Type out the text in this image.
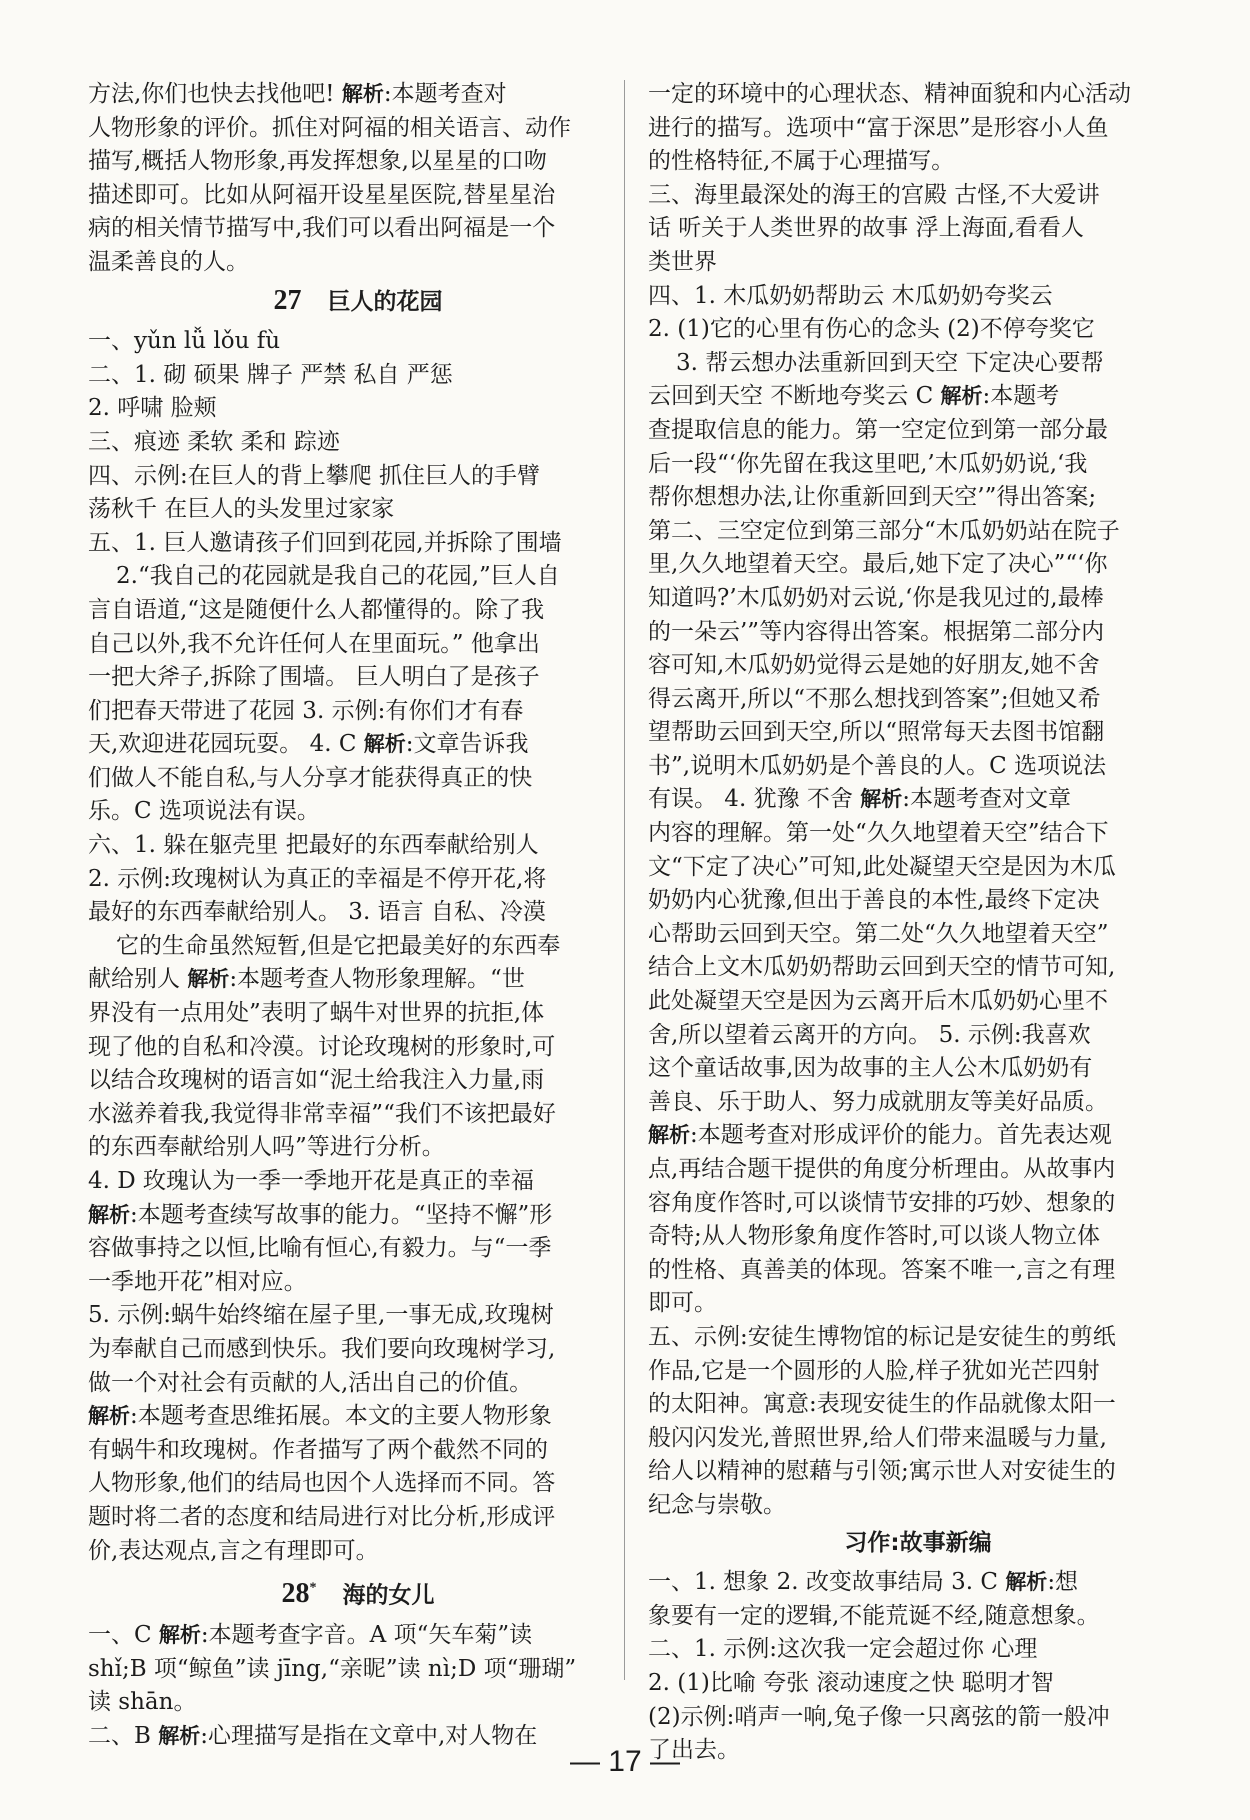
方法,你们也快去找他吧! 解析:本题考查对
人物形象的评价。抓住对阿福的相关语言、动作
描写,概括人物形象,再发挥想象,以星星的口吻
描述即可。比如从阿福开设星星医院,替星星治
病的相关情节描写中,我们可以看出阿福是一个
温柔善良的人。
27 巨人的花园
一、yǔn lǚ lǒu fù
二、1. 砌 硕果 牌子 严禁 私自 严惩
2. 呼啸 脸颊
三、痕迹 柔软 柔和 踪迹
四、示例:在巨人的背上攀爬 抓住巨人的手臂
荡秋千 在巨人的头发里过家家
五、1. 巨人邀请孩子们回到花园,并拆除了围墙
2.“我自己的花园就是我自己的花园,”巨人自
言自语道,“这是随便什么人都懂得的。除了我
自己以外,我不允许任何人在里面玩。” 他拿出
一把大斧子,拆除了围墙。 巨人明白了是孩子
们把春天带进了花园 3. 示例:有你们才有春
天,欢迎进花园玩耍。 4. C 解析:文章告诉我
们做人不能自私,与人分享才能获得真正的快
乐。C 选项说法有误。
六、1. 躲在躯壳里 把最好的东西奉献给别人
2. 示例:玫瑰树认为真正的幸福是不停开花,将
最好的东西奉献给别人。 3. 语言 自私、冷漠
它的生命虽然短暂,但是它把最美好的东西奉
献给别人 解析:本题考查人物形象理解。“世
界没有一点用处”表明了蜗牛对世界的抗拒,体
现了他的自私和冷漠。讨论玫瑰树的形象时,可
以结合玫瑰树的语言如“泥土给我注入力量,雨
水滋养着我,我觉得非常幸福”“我们不该把最好
的东西奉献给别人吗”等进行分析。
4. D 玫瑰认为一季一季地开花是真正的幸福
解析:本题考查续写故事的能力。“坚持不懈”形
容做事持之以恒,比喻有恒心,有毅力。与“一季
一季地开花”相对应。
5. 示例:蜗牛始终缩在屋子里,一事无成,玫瑰树
为奉献自己而感到快乐。我们要向玫瑰树学习,
做一个对社会有贡献的人,活出自己的价值。
解析:本题考查思维拓展。本文的主要人物形象
有蜗牛和玫瑰树。作者描写了两个截然不同的
人物形象,他们的结局也因个人选择而不同。答
题时将二者的态度和结局进行对比分析,形成评
价,表达观点,言之有理即可。
28* 海的女儿
一、C 解析:本题考查字音。A 项“矢车菊”读
shǐ;B 项“鲸鱼”读 jīng,“亲昵”读 nì;D 项“珊瑚”
读 shān。
二、B 解析:心理描写是指在文章中,对人物在
一定的环境中的心理状态、精神面貌和内心活动
进行的描写。选项中“富于深思”是形容小人鱼
的性格特征,不属于心理描写。
三、海里最深处的海王的宫殿 古怪,不大爱讲
话 听关于人类世界的故事 浮上海面,看看人
类世界
四、1. 木瓜奶奶帮助云 木瓜奶奶夸奖云
2. (1)它的心里有伤心的念头 (2)不停夸奖它
3. 帮云想办法重新回到天空 下定决心要帮
云回到天空 不断地夸奖云 C 解析:本题考
查提取信息的能力。第一空定位到第一部分最
后一段“‘你先留在我这里吧,’木瓜奶奶说,‘我
帮你想想办法,让你重新回到天空’”得出答案;
第二、三空定位到第三部分“木瓜奶奶站在院子
里,久久地望着天空。最后,她下定了决心”“‘你
知道吗?’木瓜奶奶对云说,‘你是我见过的,最棒
的一朵云’”等内容得出答案。根据第二部分内
容可知,木瓜奶奶觉得云是她的好朋友,她不舍
得云离开,所以“不那么想找到答案”;但她又希
望帮助云回到天空,所以“照常每天去图书馆翻
书”,说明木瓜奶奶是个善良的人。C 选项说法
有误。 4. 犹豫 不舍 解析:本题考查对文章
内容的理解。第一处“久久地望着天空”结合下
文“下定了决心”可知,此处凝望天空是因为木瓜
奶奶内心犹豫,但出于善良的本性,最终下定决
心帮助云回到天空。第二处“久久地望着天空”
结合上文木瓜奶奶帮助云回到天空的情节可知,
此处凝望天空是因为云离开后木瓜奶奶心里不
舍,所以望着云离开的方向。 5. 示例:我喜欢
这个童话故事,因为故事的主人公木瓜奶奶有
善良、乐于助人、努力成就朋友等美好品质。
解析:本题考查对形成评价的能力。首先表达观
点,再结合题干提供的角度分析理由。从故事内
容角度作答时,可以谈情节安排的巧妙、想象的
奇特;从人物形象角度作答时,可以谈人物立体
的性格、真善美的体现。答案不唯一,言之有理
即可。
五、示例:安徒生博物馆的标记是安徒生的剪纸
作品,它是一个圆形的人脸,样子犹如光芒四射
的太阳神。寓意:表现安徒生的作品就像太阳一
般闪闪发光,普照世界,给人们带来温暖与力量,
给人以精神的慰藉与引领;寓示世人对安徒生的
纪念与崇敬。
习作:故事新编
一、1. 想象 2. 改变故事结局 3. C 解析:想
象要有一定的逻辑,不能荒诞不经,随意想象。
二、1. 示例:这次我一定会超过你 心理
2. (1)比喻 夸张 滚动速度之快 聪明才智
(2)示例:哨声一响,兔子像一只离弦的箭一般冲
了出去。
— 17 —
